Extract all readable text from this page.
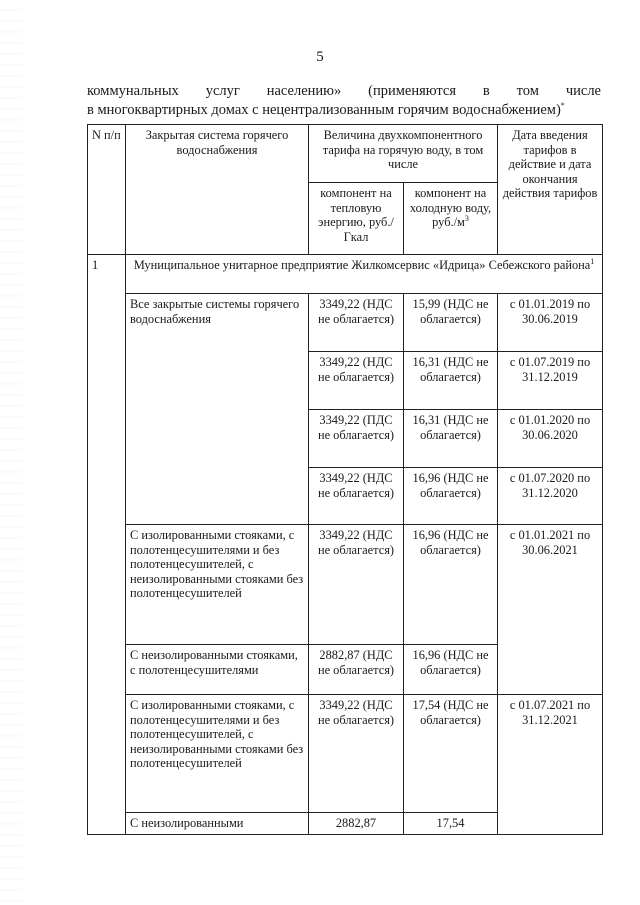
5
коммунальных услуг населению» (применяются в том числе
в многоквартирных домах с нецентрализованным горячим водоснабжением)*
N п/п	Закрытая система горячего водоснабжения	Величина двухкомпонентного тарифа на горячую воду, в том числе		Дата введения тарифов в действие и дата окончания действия тарифов
		компонент на тепловую энергию, руб./Гкал	компонент на холодную воду, $руб./м^3$
1	Муниципальное унитарное предприятие Жилкомсервис «Идрица» Себежского района$^1$
	Все закрытые системы горячего водоснабжения	3349,22 (НДС не облагается)	15,99 (НДС не облагается)	с 01.01.2019 по 30.06.2019
		3349,22 (НДС не облагается)	16,31 (НДС не облагается)	с 01.07.2019 по 31.12.2019
		3349,22 (ПДС не облагается)	16,31 (НДС не облагается)	с 01.01.2020 по 30.06.2020
		3349,22 (НДС не облагается)	16,96 (НДС не облагается)	с 01.07.2020 по 31.12.2020
	С изолированными стояками, с полотенцесушителями и без полотенцесушителей, с неизолированными стояками без полотенцесушителей	3349,22 (НДС не облагается)	16,96 (НДС не облагается)	с 01.01.2021 по 30.06.2021
	С неизолированными стояками, с полотенцесушителями	2882,87 (НДС не облагается)	16,96 (НДС не облагается)	
	С изолированными стояками, с полотенцесушителями и без полотенцесушителей, с неизолированными стояками без полотенцесушителей	3349,22 (НДС не облагается)	17,54 (НДС не облагается)	с 01.07.2021 по 31.12.2021
	С неизолированными	2882,87	17,54	
